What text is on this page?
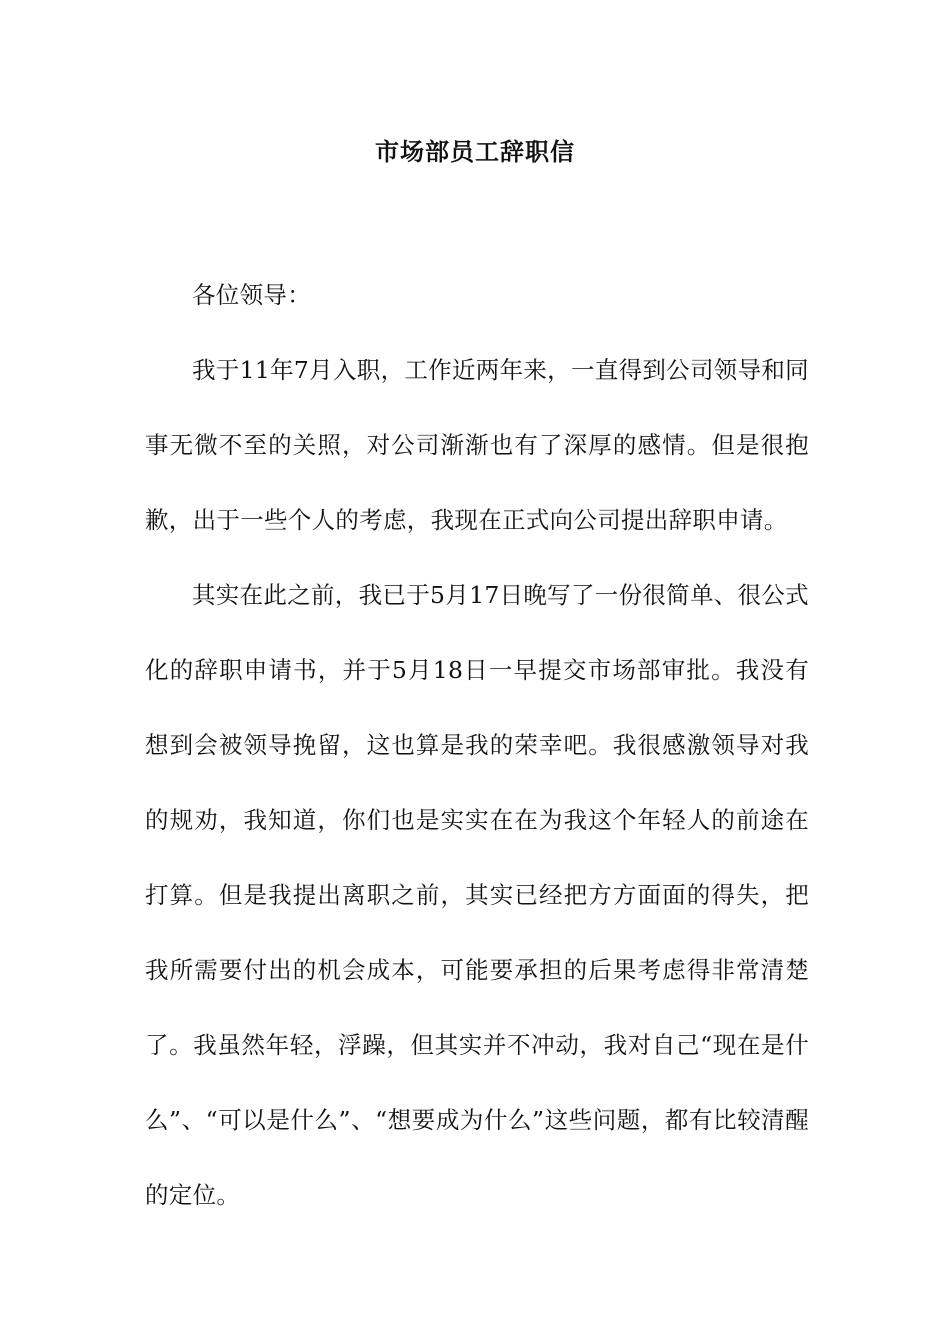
市场部员工辞职信

各位领导：

我于11年7月入职，工作近两年来，一直得到公司领导和同事无微不至的关照，对公司渐渐也有了深厚的感情。但是很抱歉，出于一些个人的考虑，我现在正式向公司提出辞职申请。

其实在此之前，我已于5月17日晚写了一份很简单、很公式化的辞职申请书，并于5月18日一早提交市场部审批。我没有想到会被领导挽留，这也算是我的荣幸吧。我很感激领导对我的规劝，我知道，你们也是实实在在为我这个年轻人的前途在打算。但是我提出离职之前，其实已经把方方面面的得失，把我所需要付出的机会成本，可能要承担的后果考虑得非常清楚了。我虽然年轻，浮躁，但其实并不冲动，我对自己“现在是什么”、“可以是什么”、“想要成为什么”这些问题，都有比较清醒的定位。
